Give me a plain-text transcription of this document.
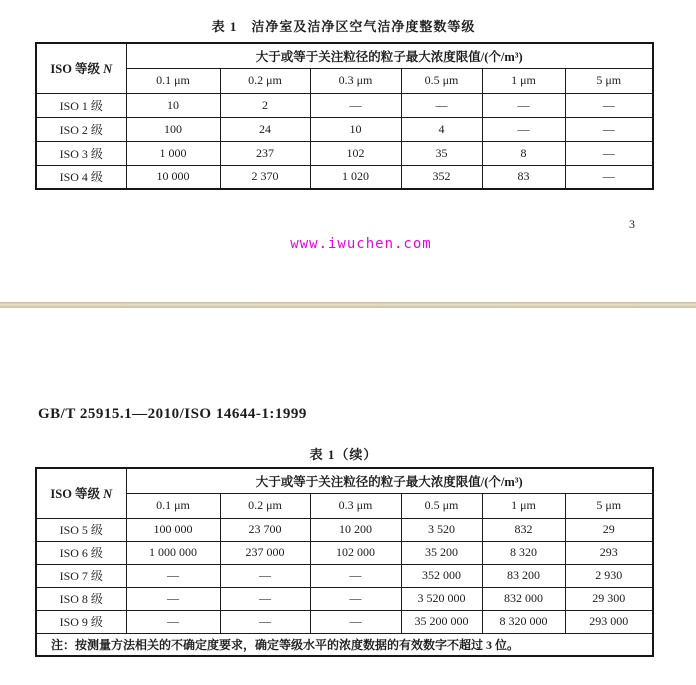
表 1　洁净室及洁净区空气洁净度整数等级
ISO 等级 N	大于或等于关注粒径的粒子最大浓度限值/(个/m³)					
	0.1 μm	0.2 μm	0.3 μm	0.5 μm	1 μm	5 μm
ISO 1 级	10	2	—	—	—	—
ISO 2 级	100	24	10	4	—	—
ISO 3 级	1 000	237	102	35	8	—
ISO 4 级	10 000	2 370	1 020	352	83	—
3
www.iwuchen.com
GB/T 25915.1—2010/ISO 14644-1:1999
表 1（续）
ISO 等级 N	大于或等于关注粒径的粒子最大浓度限值/(个/m³)					
	0.1 μm	0.2 μm	0.3 μm	0.5 μm	1 μm	5 μm
ISO 5 级	100 000	23 700	10 200	3 520	832	29
ISO 6 级	1 000 000	237 000	102 000	35 200	8 320	293
ISO 7 级	—	—	—	352 000	83 200	2 930
ISO 8 级	—	—	—	3 520 000	832 000	29 300
ISO 9 级	—	—	—	35 200 000	8 320 000	293 000
注：按测量方法相关的不确定度要求，确定等级水平的浓度数据的有效数字不超过 3 位。						
